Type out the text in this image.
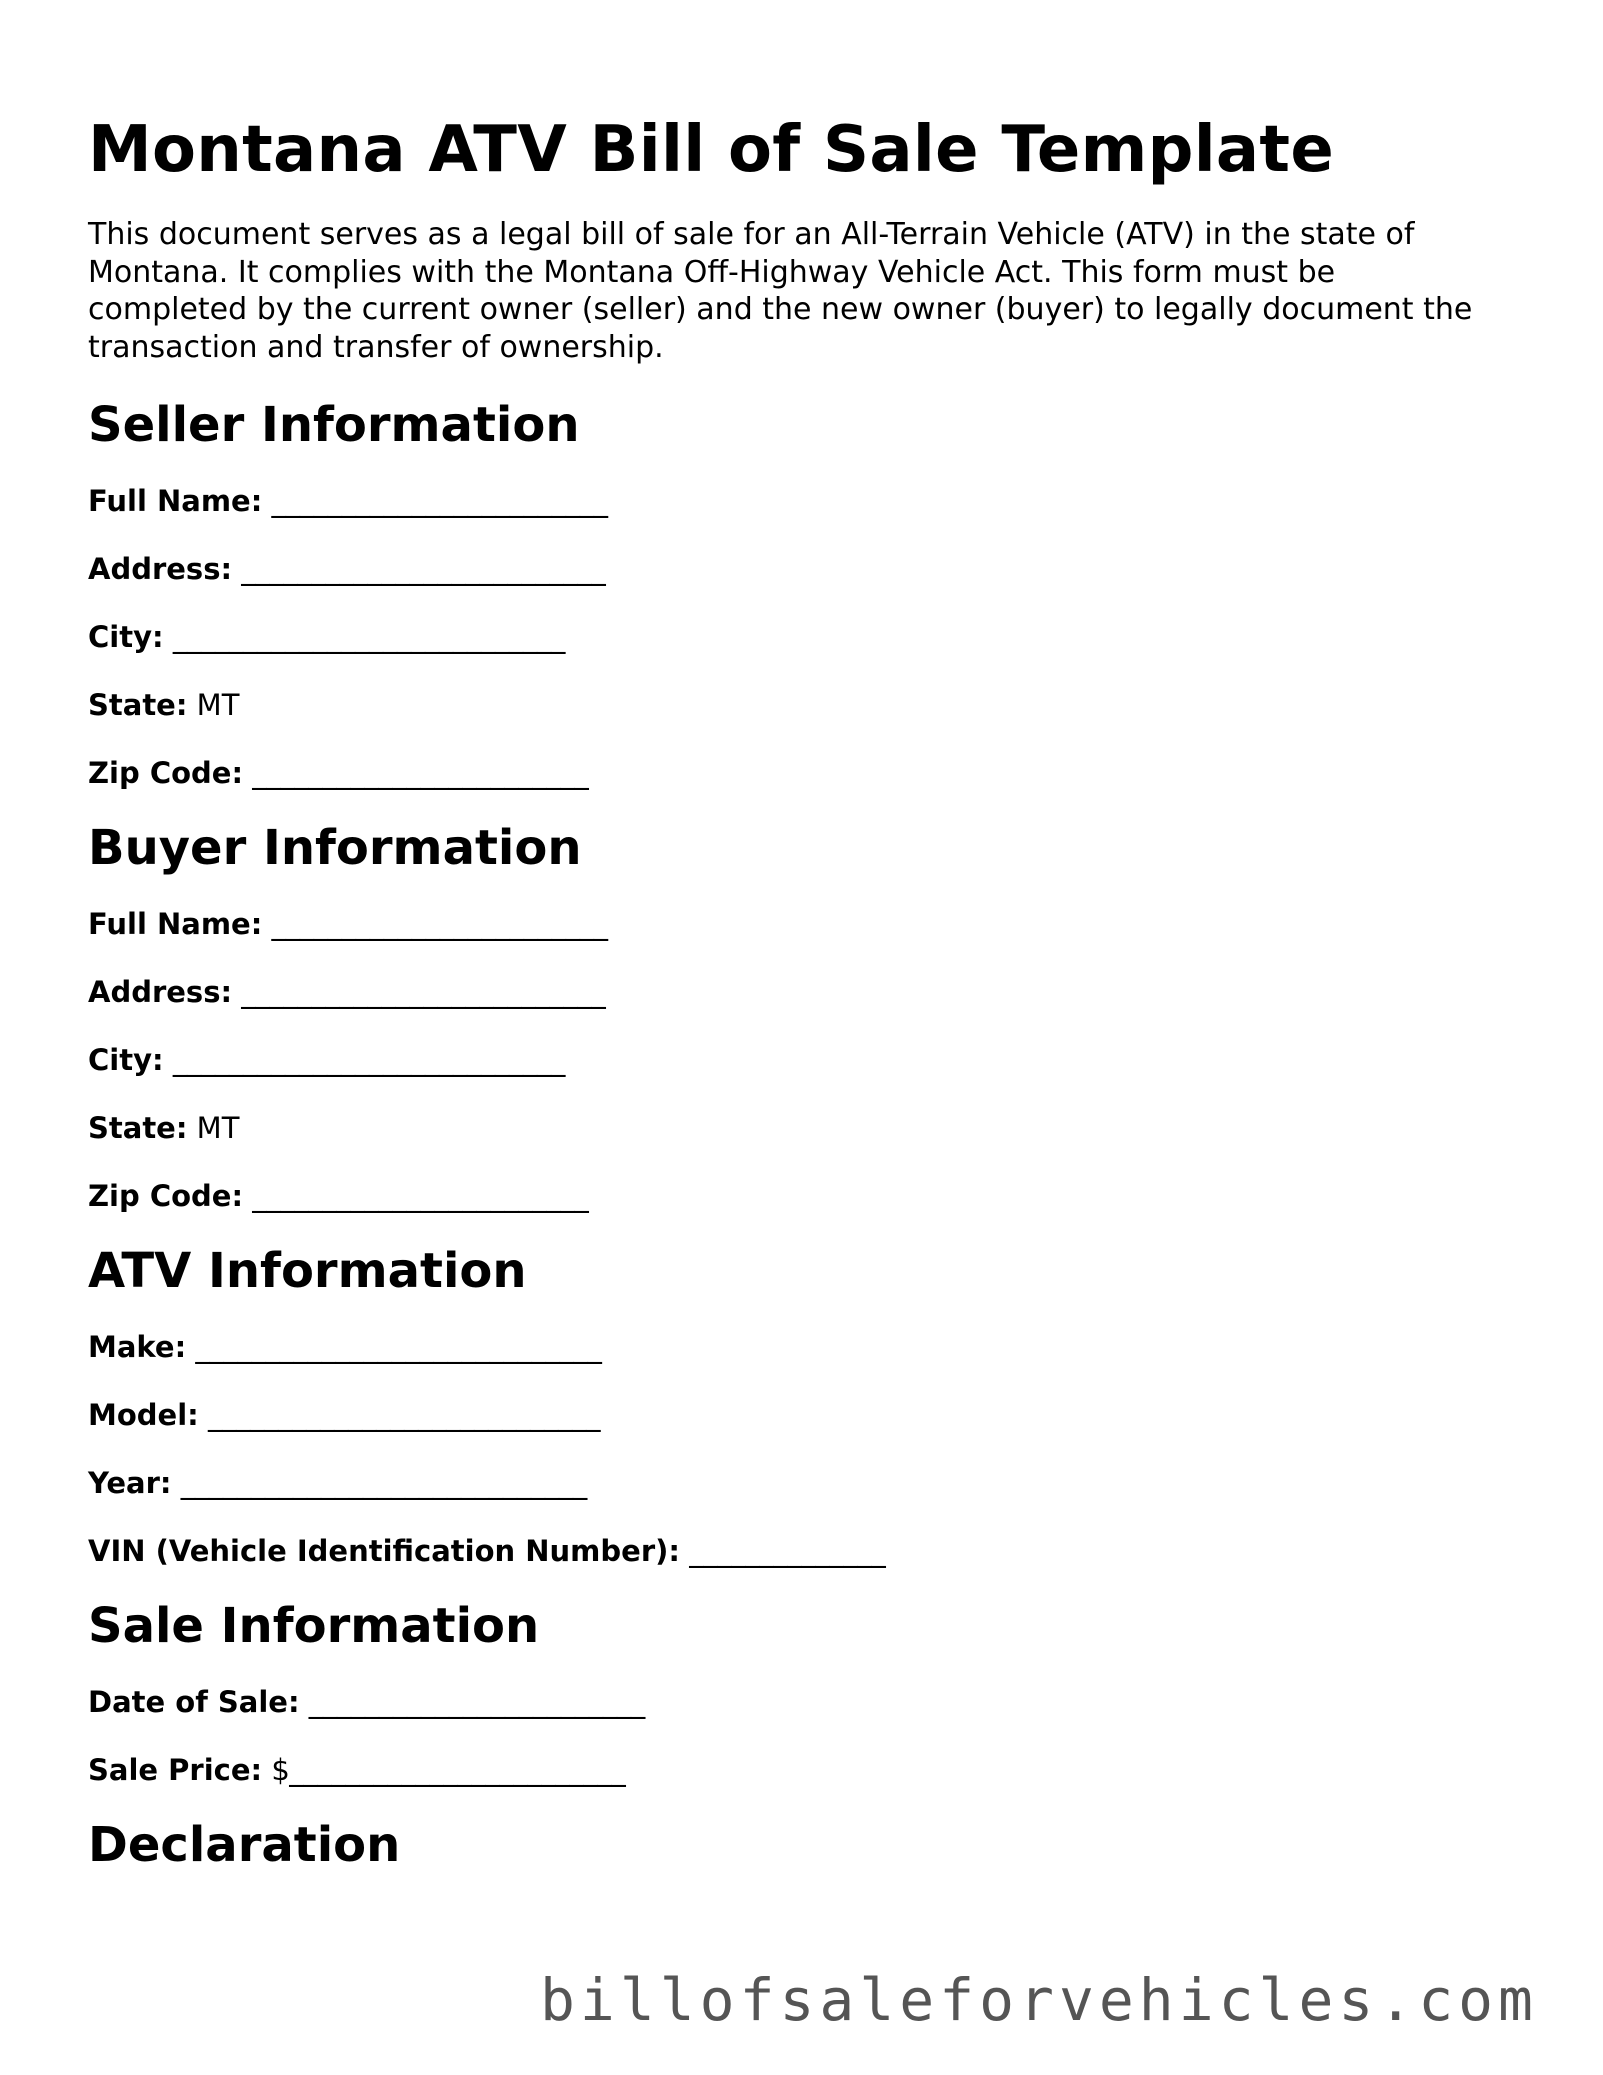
Montana ATV Bill of Sale Template

This document serves as a legal bill of sale for an All-Terrain Vehicle (ATV) in the state of Montana. It complies with the Montana Off-Highway Vehicle Act. This form must be completed by the current owner (seller) and the new owner (buyer) to legally document the transaction and transfer of ownership.

Seller Information
Full Name: ________________________
Address: __________________________
City: ____________________________
State: MT
Zip Code: ________________________
Buyer Information
Full Name: ________________________
Address: __________________________
City: ____________________________
State: MT
Zip Code: ________________________
ATV Information
Make: _____________________________
Model: ____________________________
Year: _____________________________
VIN (Vehicle Identification Number): ______________
Sale Information
Date of Sale: ________________________
Sale Price: $________________________
Declaration
billofsaleforvehicles.com
